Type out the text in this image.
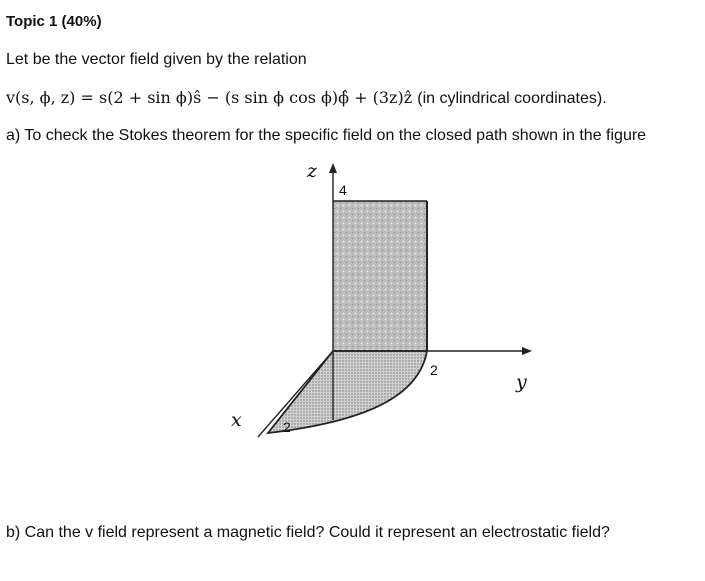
Topic 1 (40%)
Let be the vector field given by the relation
v(s, ϕ, z) = s(2 + sin ϕ)ŝ − (s sin ϕ cos ϕ)ϕ̂ + (3z)ẑ (in cylindrical coordinates).
a) To check the Stokes theorem for the specific field on the closed path shown in the figure
z
4
2
y
x	2
b) Can the v field represent a magnetic field? Could it represent an electrostatic field?
